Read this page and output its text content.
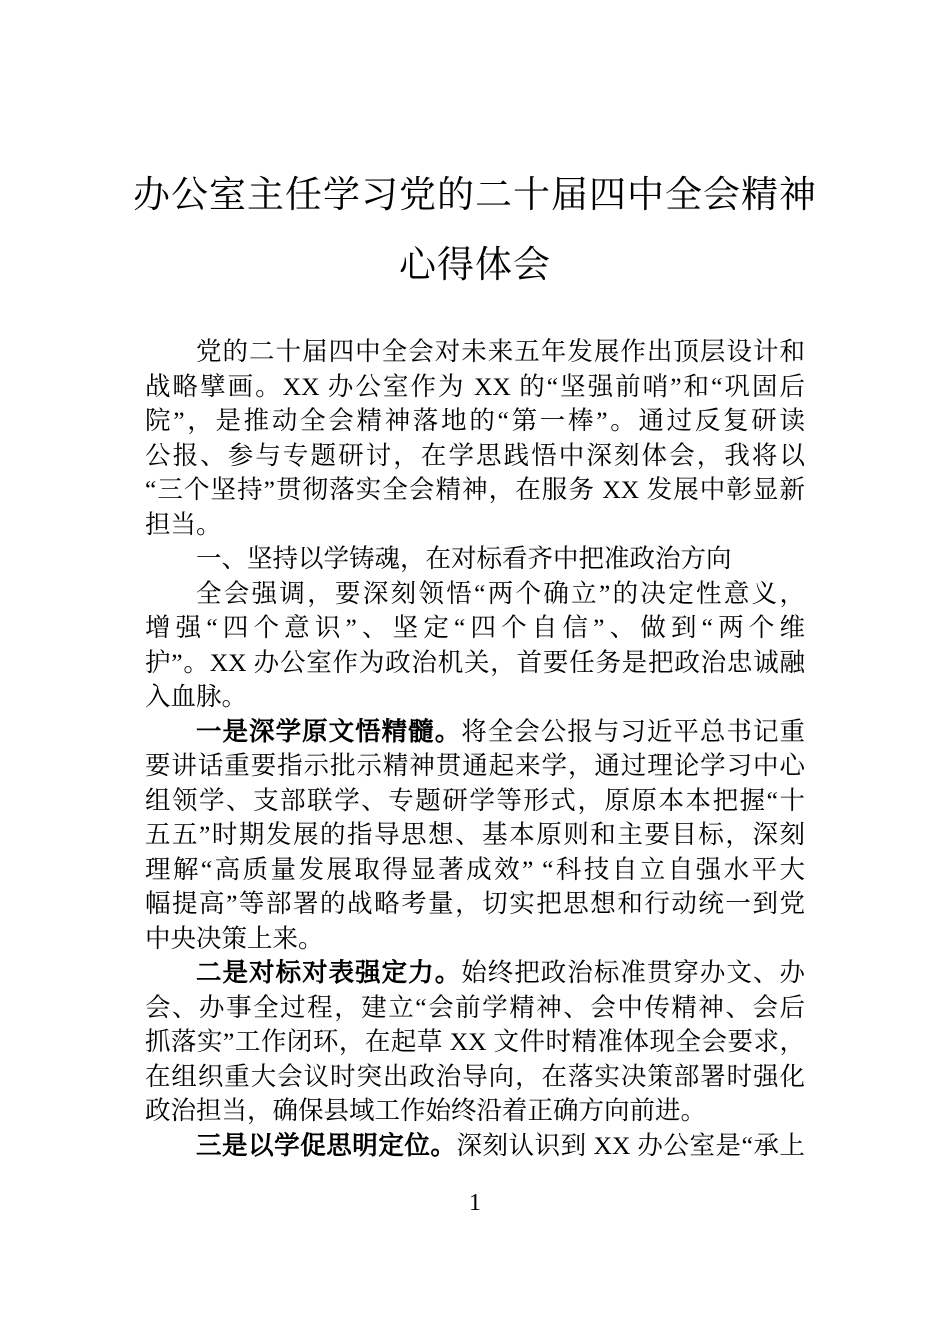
办公室主任学习党的二十届四中全会精神
心得体会
党的二十届四中全会对未来五年发展作出顶层设计和
战略擘画。XX 办公室作为 XX 的“坚强前哨”和“巩固后
院”，是推动全会精神落地的“第一棒”。通过反复研读
公报、参与专题研讨，在学思践悟中深刻体会，我将以
“三个坚持”贯彻落实全会精神，在服务 XX 发展中彰显新
担当。
一、坚持以学铸魂，在对标看齐中把准政治方向
全会强调，要深刻领悟“两个确立”的决定性意义，
增强“四个意识”、坚定“四个自信”、做到“两个维
护”。XX 办公室作为政治机关，首要任务是把政治忠诚融
入血脉。
一是深学原文悟精髓。将全会公报与习近平总书记重
要讲话重要指示批示精神贯通起来学，通过理论学习中心
组领学、支部联学、专题研学等形式，原原本本把握“十
五五”时期发展的指导思想、基本原则和主要目标，深刻
理解“高质量发展取得显著成效” “科技自立自强水平大
幅提高”等部署的战略考量，切实把思想和行动统一到党
中央决策上来。
二是对标对表强定力。始终把政治标准贯穿办文、办
会、办事全过程，建立“会前学精神、会中传精神、会后
抓落实”工作闭环，在起草 XX 文件时精准体现全会要求，
在组织重大会议时突出政治导向，在落实决策部署时强化
政治担当，确保县域工作始终沿着正确方向前进。
三是以学促思明定位。深刻认识到 XX 办公室是“承上
1
